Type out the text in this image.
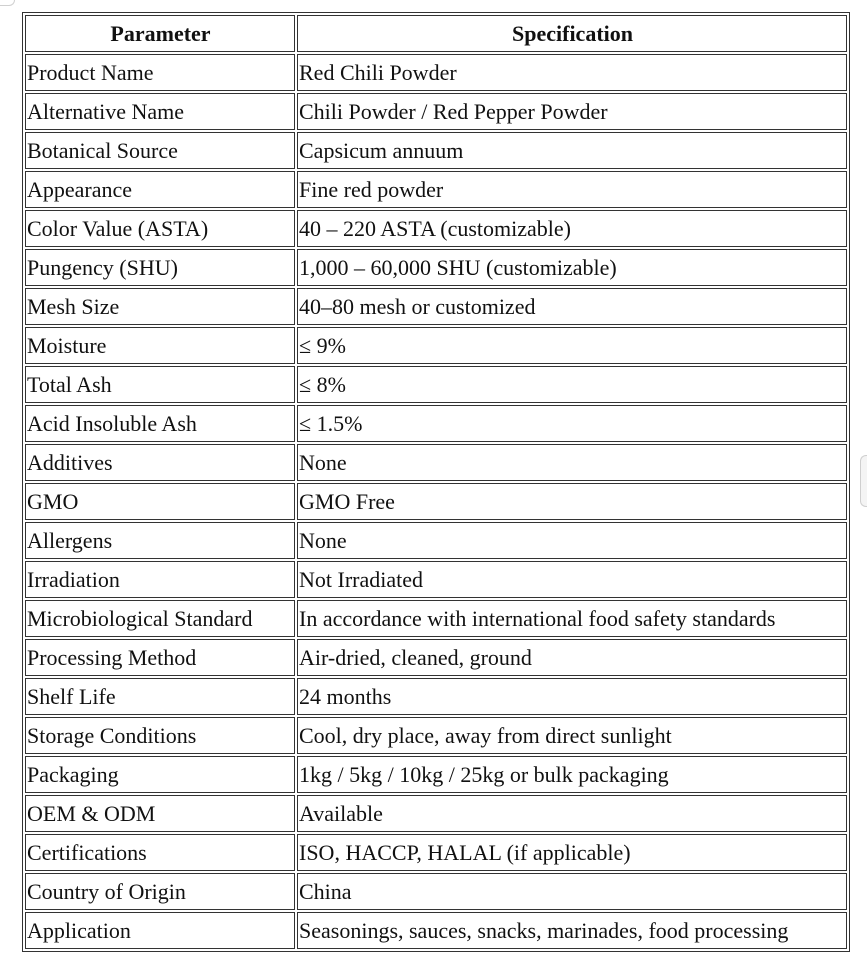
Parameter	Specification
Product Name	Red Chili Powder
Alternative Name	Chili Powder / Red Pepper Powder
Botanical Source	Capsicum annuum
Appearance	Fine red powder
Color Value (ASTA)	40 – 220 ASTA (customizable)
Pungency (SHU)	1,000 – 60,000 SHU (customizable)
Mesh Size	40–80 mesh or customized
Moisture	≤ 9%
Total Ash	≤ 8%
Acid Insoluble Ash	≤ 1.5%
Additives	None
GMO	GMO Free
Allergens	None
Irradiation	Not Irradiated
Microbiological Standard	In accordance with international food safety standards
Processing Method	Air-dried, cleaned, ground
Shelf Life	24 months
Storage Conditions	Cool, dry place, away from direct sunlight
Packaging	1kg / 5kg / 10kg / 25kg or bulk packaging
OEM & ODM	Available
Certifications	ISO, HACCP, HALAL (if applicable)
Country of Origin	China
Application	Seasonings, sauces, snacks, marinades, food processing
